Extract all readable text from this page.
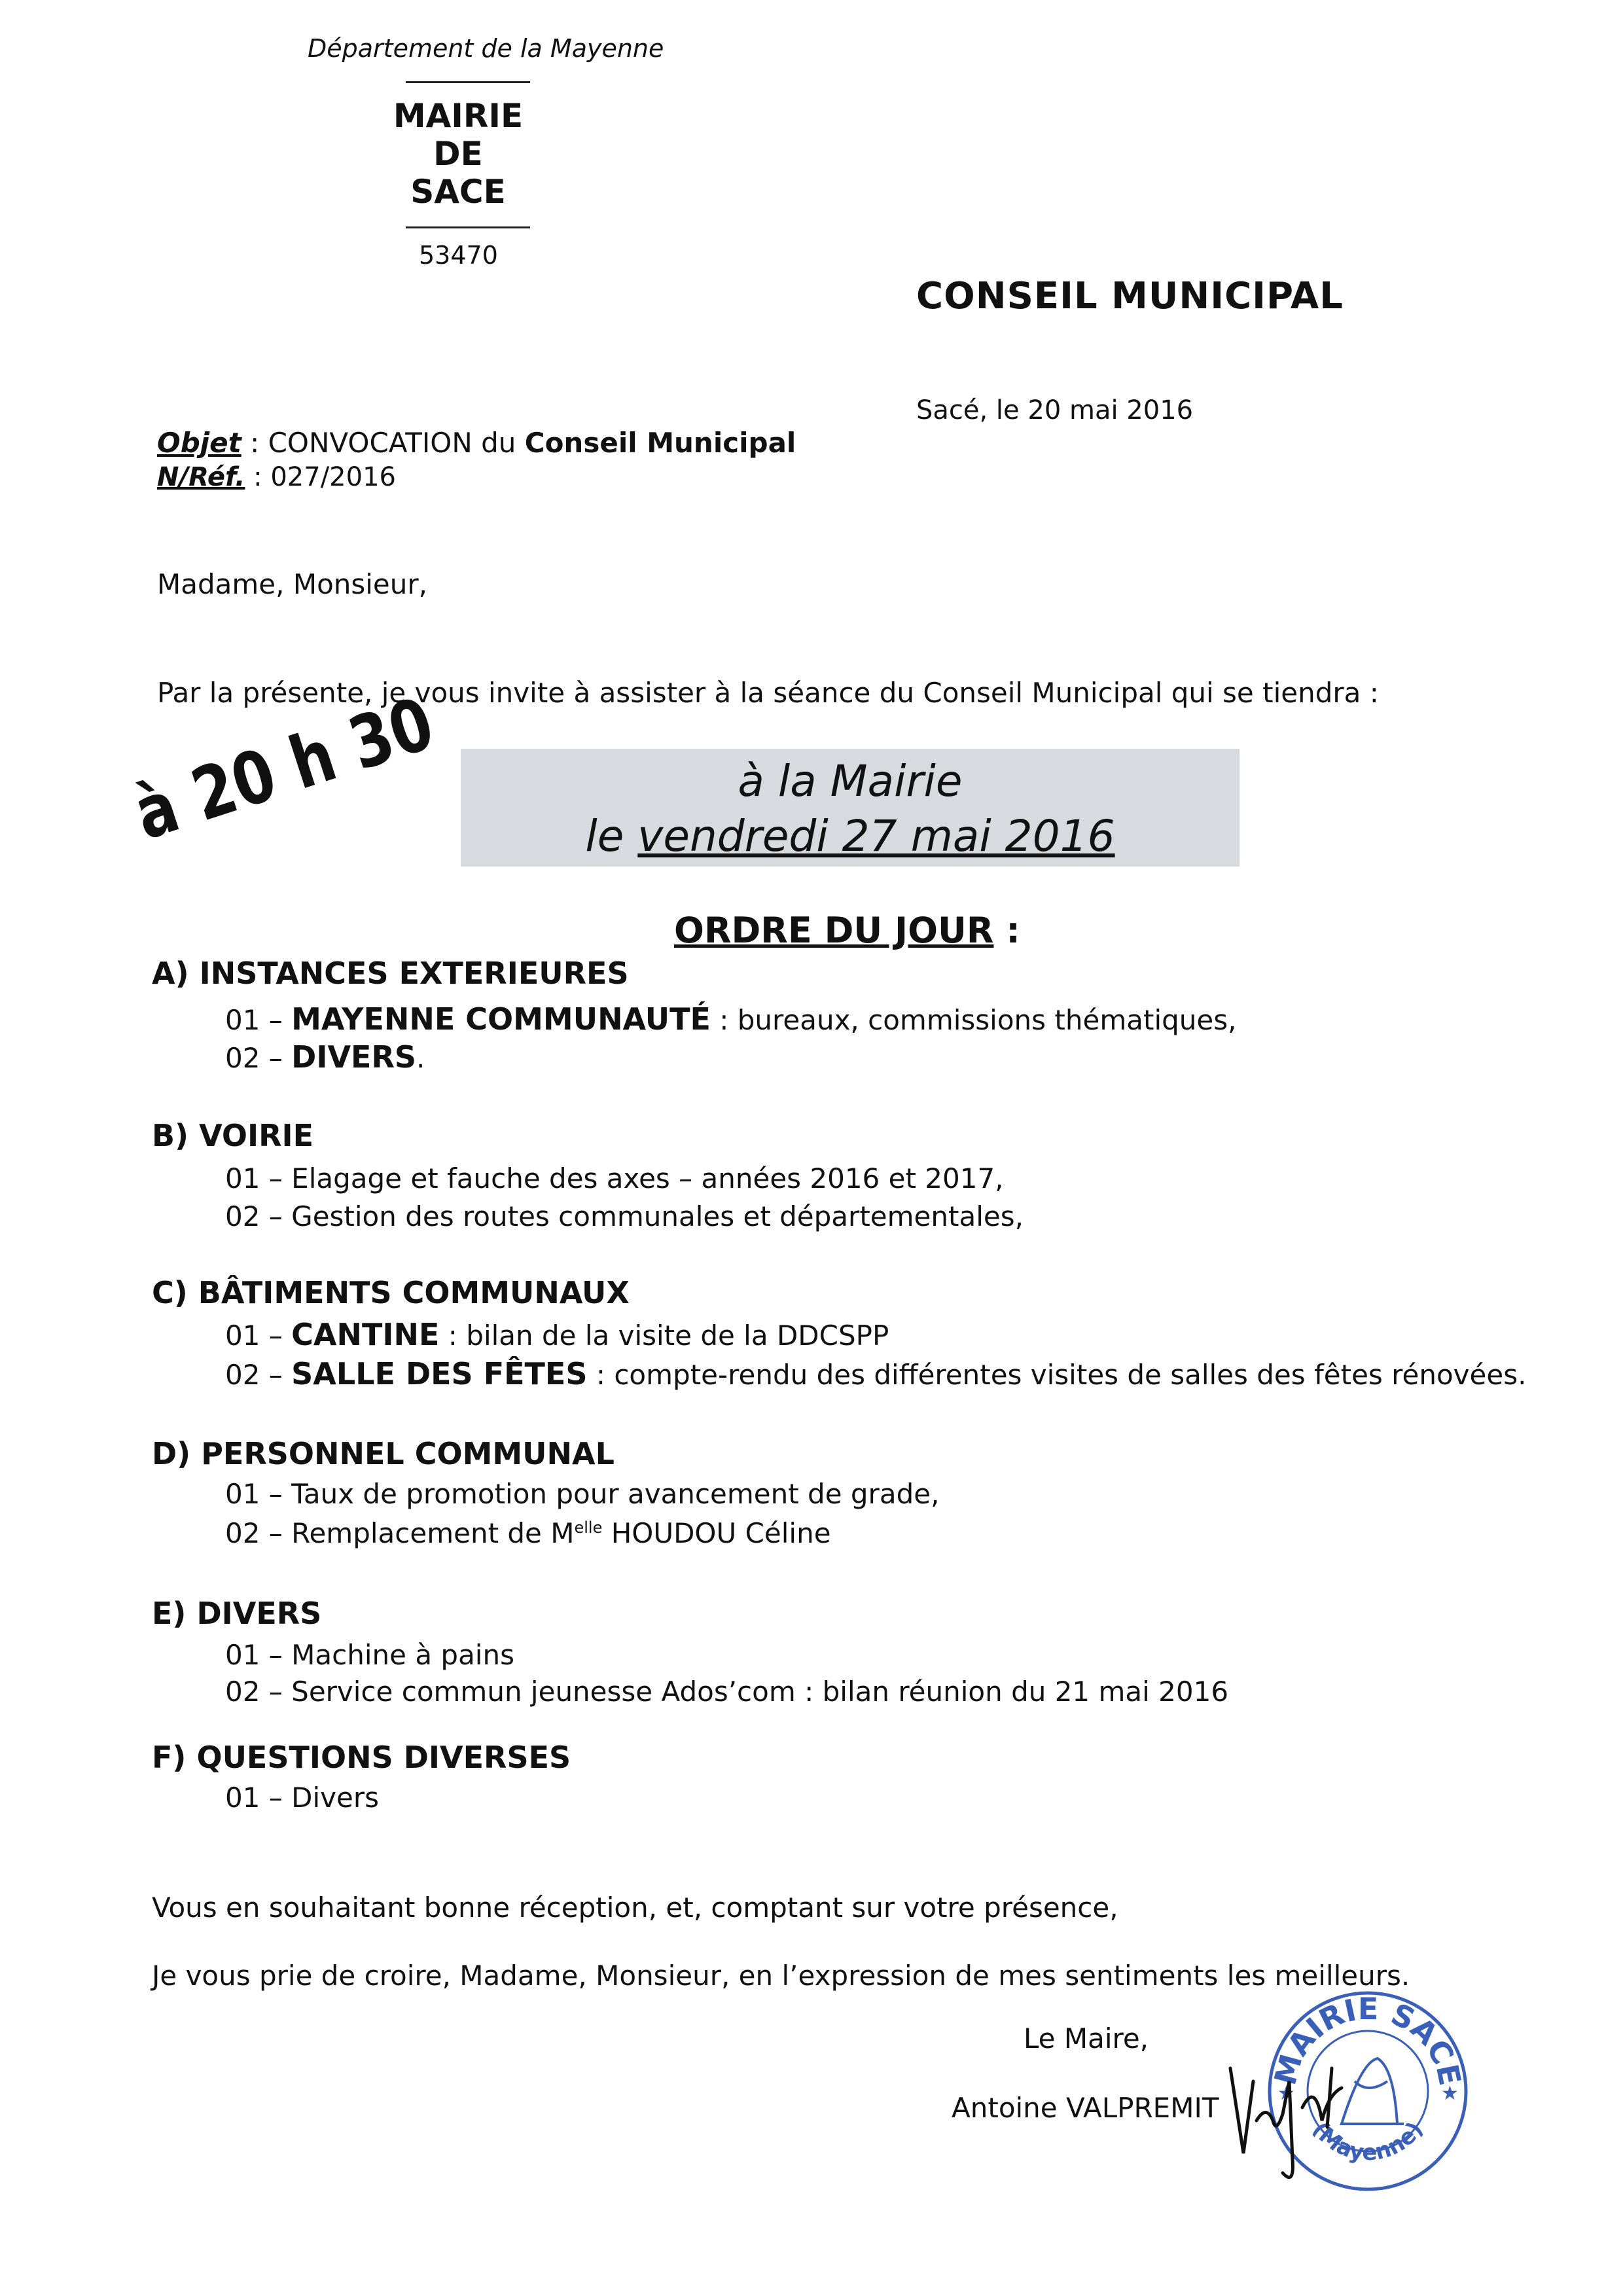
Département de la Mayenne
MAIRIE
DE
SACE
53470
CONSEIL MUNICIPAL
Sacé, le 20 mai 2016
Objet : CONVOCATION du Conseil Municipal
N/Réf. : 027/2016
Madame, Monsieur,
Par la présente, je vous invite à assister à la séance du Conseil Municipal qui se tiendra :
à 20 h 30	à la Mairie
le vendredi 27 mai 2016
ORDRE DU JOUR :
A) INSTANCES EXTERIEURES
01 – MAYENNE COMMUNAUTÉ : bureaux, commissions thématiques,
02 – DIVERS.
B) VOIRIE
01 – Elagage et fauche des axes – années 2016 et 2017,
02 – Gestion des routes communales et départementales,
C) BÂTIMENTS COMMUNAUX
01 – CANTINE : bilan de la visite de la DDCSPP
02 – SALLE DES FÊTES : compte-rendu des différentes visites de salles des fêtes rénovées.
D) PERSONNEL COMMUNAL
01 – Taux de promotion pour avancement de grade,
02 – Remplacement de $M^{elle}$ HOUDOU Céline
E) DIVERS
01 – Machine à pains
02 – Service commun jeunesse Ados’com : bilan réunion du 21 mai 2016
F) QUESTIONS DIVERSES
01 – Divers
Vous en souhaitant bonne réception, et, comptant sur votre présence,
Je vous prie de croire, Madame, Monsieur, en l’expression de mes sentiments les meilleurs.
Le Maire,
Antoine VALPREMIT
MAIRIE SACE
(Mayenne)
★	★
